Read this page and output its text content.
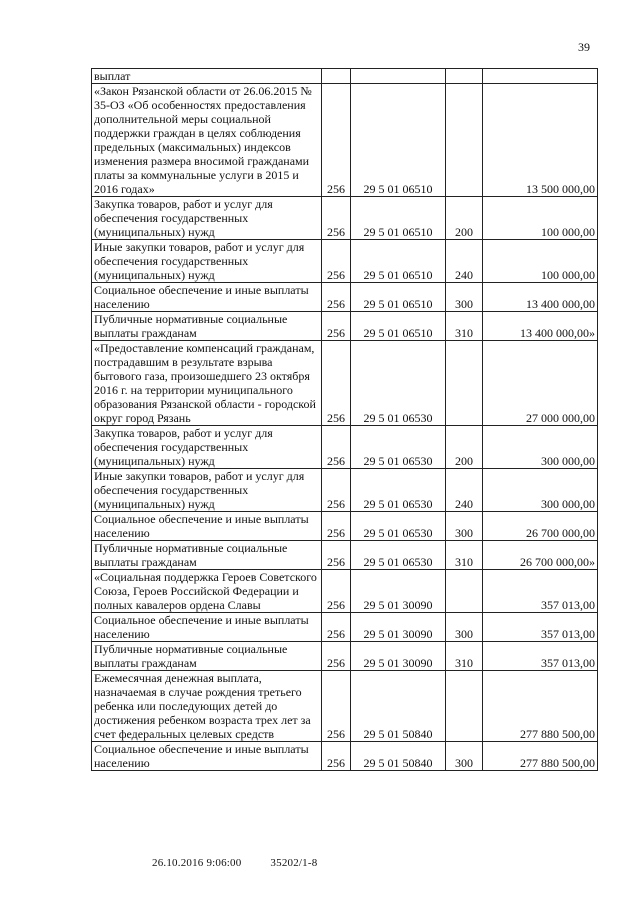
39
выплат				
«Закон Рязанской области от 26.06.2015 № 35-ОЗ «Об особенностях предоставления дополнительной меры социальной поддержки граждан в целях соблюдения предельных (максимальных) индексов изменения размера вносимой гражданами платы за коммунальные услуги в 2015 и 2016 годах»	256	29 5 01 06510		13 500 000,00
Закупка товаров, работ и услуг для обеспечения государственных (муниципальных) нужд	256	29 5 01 06510	200	100 000,00
Иные закупки товаров, работ и услуг для обеспечения государственных (муниципальных) нужд	256	29 5 01 06510	240	100 000,00
Социальное обеспечение и иные выплаты населению	256	29 5 01 06510	300	13 400 000,00
Публичные нормативные социальные выплаты гражданам	256	29 5 01 06510	310	13 400 000,00»
«Предоставление компенсаций гражданам, пострадавшим в результате взрыва бытового газа, произошедшего 23 октября 2016 г. на территории муниципального образования Рязанской области - городской округ город Рязань	256	29 5 01 06530		27 000 000,00
Закупка товаров, работ и услуг для обеспечения государственных (муниципальных) нужд	256	29 5 01 06530	200	300 000,00
Иные закупки товаров, работ и услуг для обеспечения государственных (муниципальных) нужд	256	29 5 01 06530	240	300 000,00
Социальное обеспечение и иные выплаты населению	256	29 5 01 06530	300	26 700 000,00
Публичные нормативные социальные выплаты гражданам	256	29 5 01 06530	310	26 700 000,00»
«Социальная поддержка Героев Советского Союза, Героев Российской Федерации и полных кавалеров ордена Славы	256	29 5 01 30090		357 013,00
Социальное обеспечение и иные выплаты населению	256	29 5 01 30090	300	357 013,00
Публичные нормативные социальные выплаты гражданам	256	29 5 01 30090	310	357 013,00
Ежемесячная денежная выплата, назначаемая в случае рождения третьего ребенка или последующих детей до достижения ребенком возраста трех лет за счет федеральных целевых средств	256	29 5 01 50840		277 880 500,00
Социальное обеспечение и иные выплаты населению	256	29 5 01 50840	300	277 880 500,00
26.10.2016 9:06:00	35202/1-8
